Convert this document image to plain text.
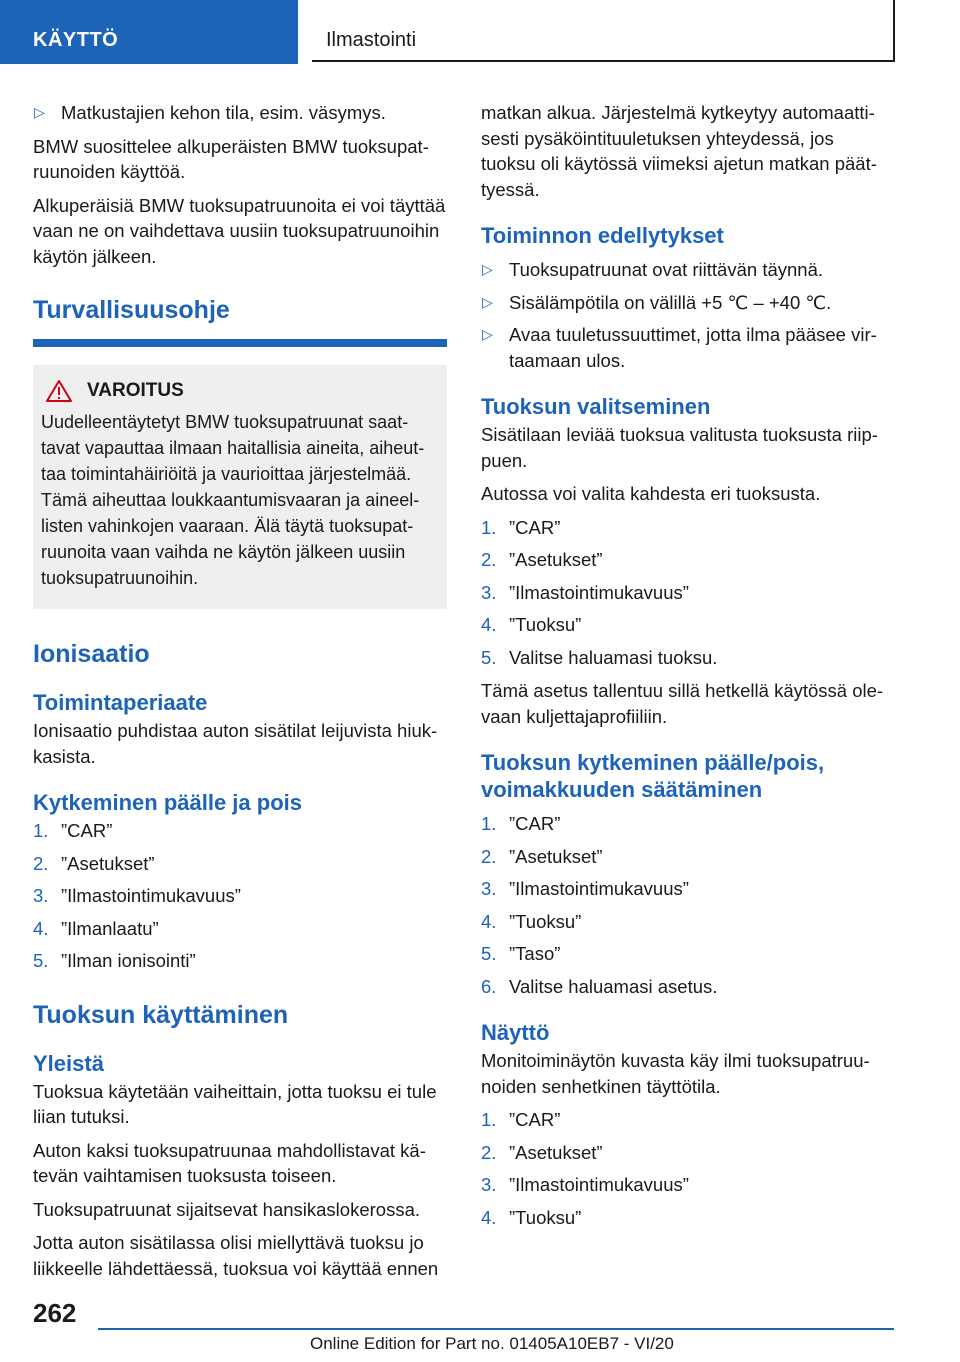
KÄYTTÖ	Ilmastointi
▷ Matkustajien kehon tila, esim. väsymys.

BMW suosittelee alkuperäisten BMW tuoksupatruunoiden käyttöä.

Alkuperäisiä BMW tuoksupatruunoita ei voi täyttää vaan ne on vaihdettava uusiin tuoksupatruunoihin käytön jälkeen.

Turvallisuusohje
VAROITUS

Uudelleentäytetyt BMW tuoksupatruunat saattavat vapauttaa ilmaan haitallisia aineita, aiheuttaa toimintahäiriöitä ja vaurioittaa järjestelmää. Tämä aiheuttaa loukkaantumisvaaran ja aineellisten vahinkojen vaaraan. Älä täytä tuoksupatruunoita vaan vaihda ne käytön jälkeen uusiin tuoksupatruunoihin.

Ionisaatio
Toimintaperiaate

Ionisaatio puhdistaa auton sisätilat leijuvista hiukkasista.

Kytkeminen päälle ja pois
1. ”CAR”
2. ”Asetukset”
3. ”Ilmastointimukavuus”
4. ”Ilmanlaatu”
5. ”Ilman ionisointi”
Tuoksun käyttäminen
Yleistä

Tuoksua käytetään vaiheittain, jotta tuoksu ei tule liian tutuksi.

Auton kaksi tuoksupatruunaa mahdollistavat kätevän vaihtamisen tuoksusta toiseen.

Tuoksupatruunat sijaitsevat hansikaslokerossa.

Jotta auton sisätilassa olisi miellyttävä tuoksu jo liikkeelle lähdettäessä, tuoksua voi käyttää ennen

matkan alkua. Järjestelmä kytkeytyy automaattisesti pysäköintituuletuksen yhteydessä, jos tuoksu oli käytössä viimeksi ajetun matkan päättyessä.

Toiminnon edellytykset
▷ Tuoksupatruunat ovat riittävän täynnä.
▷ Sisälämpötila on välillä +5 ℃ – +40 ℃.
▷ Avaa tuuletussuuttimet, jotta ilma pääsee virtaamaan ulos.
Tuoksun valitseminen

Sisätilaan leviää tuoksua valitusta tuoksusta riippuen.

Autossa voi valita kahdesta eri tuoksusta.

1. ”CAR”
2. ”Asetukset”
3. ”Ilmastointimukavuus”
4. ”Tuoksu”
5. Valitse haluamasi tuoksu.

Tämä asetus tallentuu sillä hetkellä käytössä olevaan kuljettajaprofiiliin.

Tuoksun kytkeminen päälle/pois, voimakkuuden säätäminen
1. ”CAR”
2. ”Asetukset”
3. ”Ilmastointimukavuus”
4. ”Tuoksu”
5. ”Taso”
6. Valitse haluamasi asetus.
Näyttö

Monitoiminäytön kuvasta käy ilmi tuoksupatruunoiden senhetkinen täyttötila.

1. ”CAR”
2. ”Asetukset”
3. ”Ilmastointimukavuus”
4. ”Tuoksu”
262
Online Edition for Part no. 01405A10EB7 - VI/20
